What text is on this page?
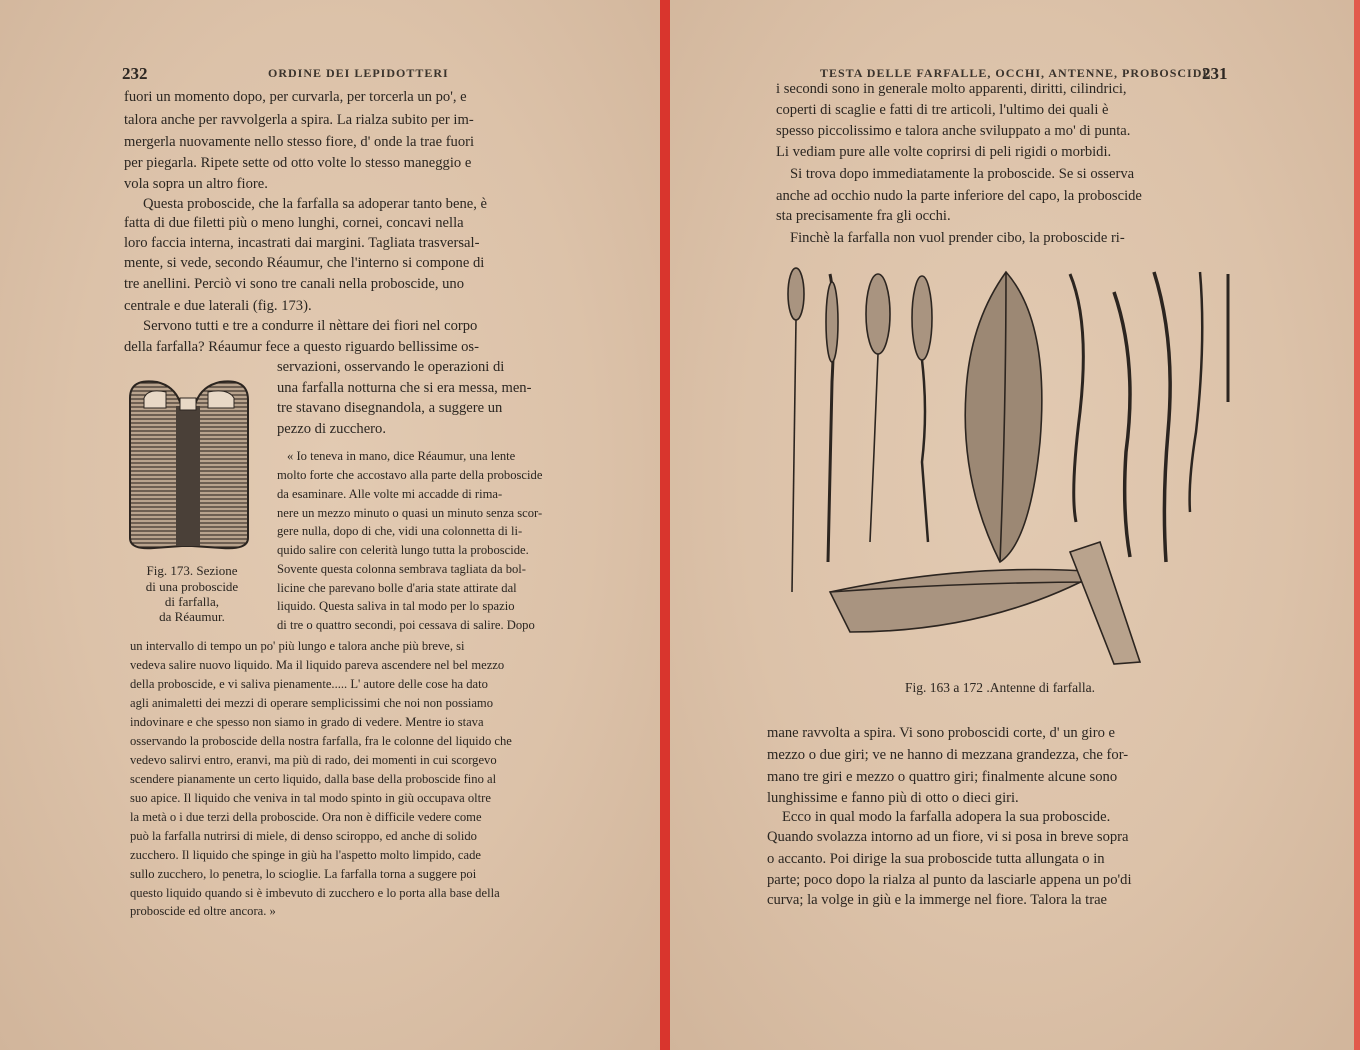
232	ORDINE DEI LEPIDOTTERI
fuori un momento dopo, per curvarla, per torcerla un po', e
talora anche per ravvolgerla a spira. La rialza subito per im-
mergerla nuovamente nello stesso fiore, d' onde la trae fuori
per piegarla. Ripete sette od otto volte lo stesso maneggio e
vola sopra un altro fiore.
Questa proboscide, che la farfalla sa adoperar tanto bene, è
fatta di due filetti più o meno lunghi, cornei, concavi nella
loro faccia interna, incastrati dai margini. Tagliata trasversal-
mente, si vede, secondo Réaumur, che l'interno si compone di
tre anellini. Perciò vi sono tre canali nella proboscide, uno
centrale e due laterali (fig. 173).
Servono tutti e tre a condurre il nèttare dei fiori nel corpo
della farfalla? Réaumur fece a questo riguardo bellissime os-
servazioni, osservando le operazioni di
una farfalla notturna che si era messa, men-
tre stavano disegnandola, a suggere un
pezzo di zucchero.
Fig. 173. Sezione
di una proboscide
di farfalla,
da Réaumur.
« Io teneva in mano, dice Réaumur, una lente
molto forte che accostavo alla parte della proboscide
da esaminare. Alle volte mi accadde di rima-
nere un mezzo minuto o quasi un minuto senza scor-
gere nulla, dopo di che, vidi una colonnetta di li-
quido salire con celerità lungo tutta la proboscide.
Sovente questa colonna sembrava tagliata da bol-
licine che parevano bolle d'aria state attirate dal
liquido. Questa saliva in tal modo per lo spazio
di tre o quattro secondi, poi cessava di salire. Dopo
un intervallo di tempo un po' più lungo e talora anche più breve, si
vedeva salire nuovo liquido. Ma il liquido pareva ascendere nel bel mezzo
della proboscide, e vi saliva pienamente..... L' autore delle cose ha dato
agli animaletti dei mezzi di operare semplicissimi che noi non possiamo
indovinare e che spesso non siamo in grado di vedere. Mentre io stava
osservando la proboscide della nostra farfalla, fra le colonne del liquido che
vedevo salirvi entro, eranvi, ma più di rado, dei momenti in cui scorgevo
scendere pianamente un certo liquido, dalla base della proboscide fino al
suo apice. Il liquido che veniva in tal modo spinto in giù occupava oltre
la metà o i due terzi della proboscide. Ora non è difficile vedere come
può la farfalla nutrirsi di miele, di denso sciroppo, ed anche di solido
zucchero. Il liquido che spinge in giù ha l'aspetto molto limpido, cade
sullo zucchero, lo penetra, lo scioglie. La farfalla torna a suggere poi
questo liquido quando si è imbevuto di zucchero e lo porta alla base della
proboscide ed oltre ancora. »
TESTA DELLE FARFALLE, OCCHI, ANTENNE, PROBOSCIDE
231
i secondi sono in generale molto apparenti, diritti, cilindrici,
coperti di scaglie e fatti di tre articoli, l'ultimo dei quali è
spesso piccolissimo e talora anche sviluppato a mo' di punta.
Li vediam pure alle volte coprirsi di peli rigidi o morbidi.
Si trova dopo immediatamente la proboscide. Se si osserva
anche ad occhio nudo la parte inferiore del capo, la proboscide
sta precisamente fra gli occhi.
Finchè la farfalla non vuol prender cibo, la proboscide ri-
Fig. 163 a 172 .Antenne di farfalla.
mane ravvolta a spira. Vi sono proboscidi corte, d' un giro e
mezzo o due giri; ve ne hanno di mezzana grandezza, che for-
mano tre giri e mezzo o quattro giri; finalmente alcune sono
lunghissime e fanno più di otto o dieci giri.
Ecco in qual modo la farfalla adopera la sua proboscide.
Quando svolazza intorno ad un fiore, vi si posa in breve sopra
o accanto. Poi dirige la sua proboscide tutta allungata o in
parte; poco dopo la rialza al punto da lasciarle appena un po'di
curva; la volge in giù e la immerge nel fiore. Talora la trae
